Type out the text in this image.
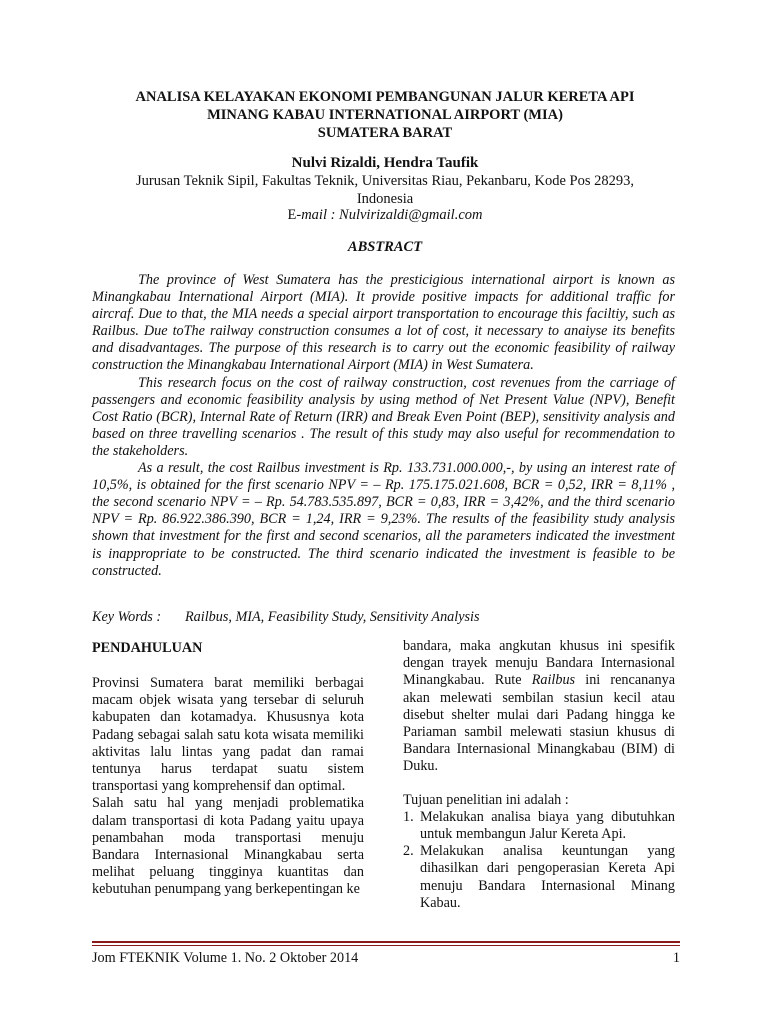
ANALISA KELAYAKAN EKONOMI PEMBANGUNAN JALUR KERETA API
MINANG KABAU INTERNATIONAL AIRPORT (MIA)
SUMATERA BARAT
Nulvi Rizaldi, Hendra Taufik
Jurusan Teknik Sipil, Fakultas Teknik, Universitas Riau, Pekanbaru, Kode Pos 28293,
Indonesia
E-mail : Nulvirizaldi@gmail.com
ABSTRACT

The province of West Sumatera has the presticigious international airport is known as Minangkabau International Airport (MIA). It provide positive impacts for additional traffic for aircraf. Due to that, the MIA needs a special airport transportation to encourage this faciltiy, such as Railbus. Due toThe railway construction consumes a lot of cost, it necessary to anaiyse its benefits and disadvantages. The purpose of this research is to carry out the economic feasibility of railway construction the Minangkabau International Airport (MIA) in West Sumatera.

This research focus on the cost of railway construction, cost revenues from the carriage of passengers and economic feasibility analysis by using method of Net Present Value (NPV), Benefit Cost Ratio (BCR), Internal Rate of Return (IRR) and Break Even Point (BEP), sensitivity analysis and based on three travelling scenarios . The result of this study may also useful for recommendation to the stakeholders.

As a result, the cost Railbus investment is Rp. 133.731.000.000,-, by using an interest rate of 10,5%, is obtained for the first scenario NPV = – Rp. 175.175.021.608, BCR = 0,52, IRR = 8,11% , the second scenario NPV = – Rp. 54.783.535.897, BCR = 0,83, IRR = 3,42%, and the third scenario NPV = Rp. 86.922.386.390, BCR = 1,24, IRR = 9,23%. The results of the feasibility study analysis shown that investment for the first and second scenarios, all the parameters indicated the investment is inappropriate to be constructed. The third scenario indicated the investment is feasible to be constructed.

Key Words : Railbus, MIA, Feasibility Study, Sensitivity Analysis

PENDAHULUAN

Provinsi Sumatera barat memiliki berbagai macam objek wisata yang tersebar di seluruh kabupaten dan kotamadya. Khususnya kota Padang sebagai salah satu kota wisata memiliki aktivitas lalu lintas yang padat dan ramai tentunya harus terdapat suatu sistem transportasi yang komprehensif dan optimal.

Salah satu hal yang menjadi problematika dalam transportasi di kota Padang yaitu upaya penambahan moda transportasi menuju Bandara Internasional Minangkabau serta melihat peluang tingginya kuantitas dan kebutuhan penumpang yang berkepentingan ke

bandara, maka angkutan khusus ini spesifik dengan trayek menuju Bandara Internasional Minangkabau. Rute Railbus ini rencananya akan melewati sembilan stasiun kecil atau disebut shelter mulai dari Padang hingga ke Pariaman sambil melewati stasiun khusus di Bandara Internasional Minangkabau (BIM) di Duku.

Tujuan penelitian ini adalah :

1. Melakukan analisa biaya yang dibutuhkan untuk membangun Jalur Kereta Api.
2. Melakukan analisa keuntungan yang dihasilkan dari pengoperasian Kereta Api menuju Bandara Internasional Minang Kabau.
Jom FTEKNIK Volume 1. No. 2 Oktober 2014	1
